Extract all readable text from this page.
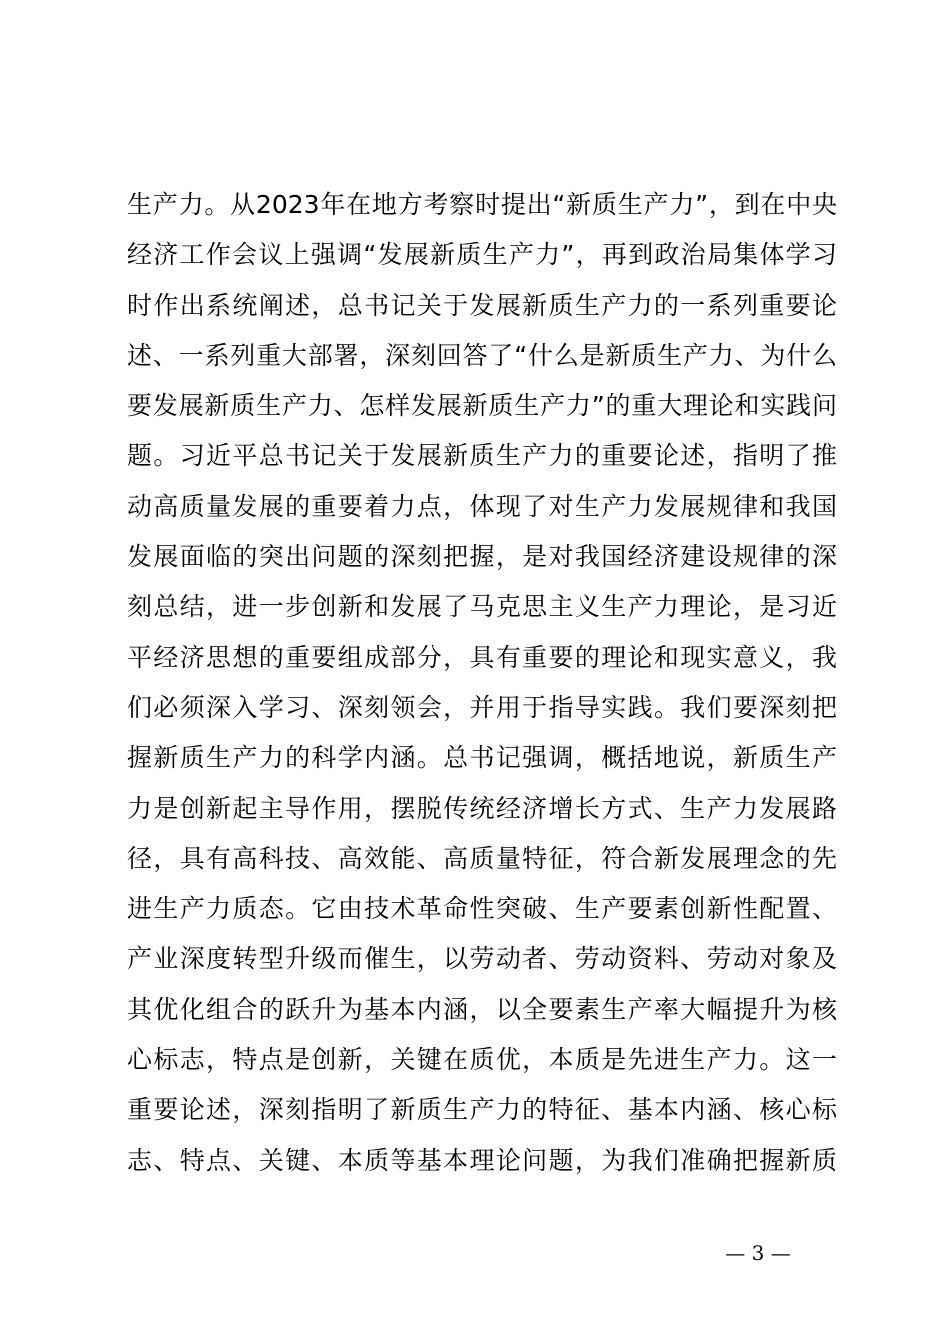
生产力。从2023年在地方考察时提出“新质生产力”，到在中央
经济工作会议上强调“发展新质生产力”，再到政治局集体学习
时作出系统阐述，总书记关于发展新质生产力的一系列重要论
述、一系列重大部署，深刻回答了“什么是新质生产力、为什么
要发展新质生产力、怎样发展新质生产力”的重大理论和实践问
题。习近平总书记关于发展新质生产力的重要论述，指明了推
动高质量发展的重要着力点，体现了对生产力发展规律和我国
发展面临的突出问题的深刻把握，是对我国经济建设规律的深
刻总结，进一步创新和发展了马克思主义生产力理论，是习近
平经济思想的重要组成部分，具有重要的理论和现实意义，我
们必须深入学习、深刻领会，并用于指导实践。我们要深刻把
握新质生产力的科学内涵。总书记强调，概括地说，新质生产
力是创新起主导作用，摆脱传统经济增长方式、生产力发展路
径，具有高科技、高效能、高质量特征，符合新发展理念的先
进生产力质态。它由技术革命性突破、生产要素创新性配置、
产业深度转型升级而催生，以劳动者、劳动资料、劳动对象及
其优化组合的跃升为基本内涵，以全要素生产率大幅提升为核
心标志，特点是创新，关键在质优，本质是先进生产力。这一
重要论述，深刻指明了新质生产力的特征、基本内涵、核心标
志、特点、关键、本质等基本理论问题，为我们准确把握新质
— 3 —
